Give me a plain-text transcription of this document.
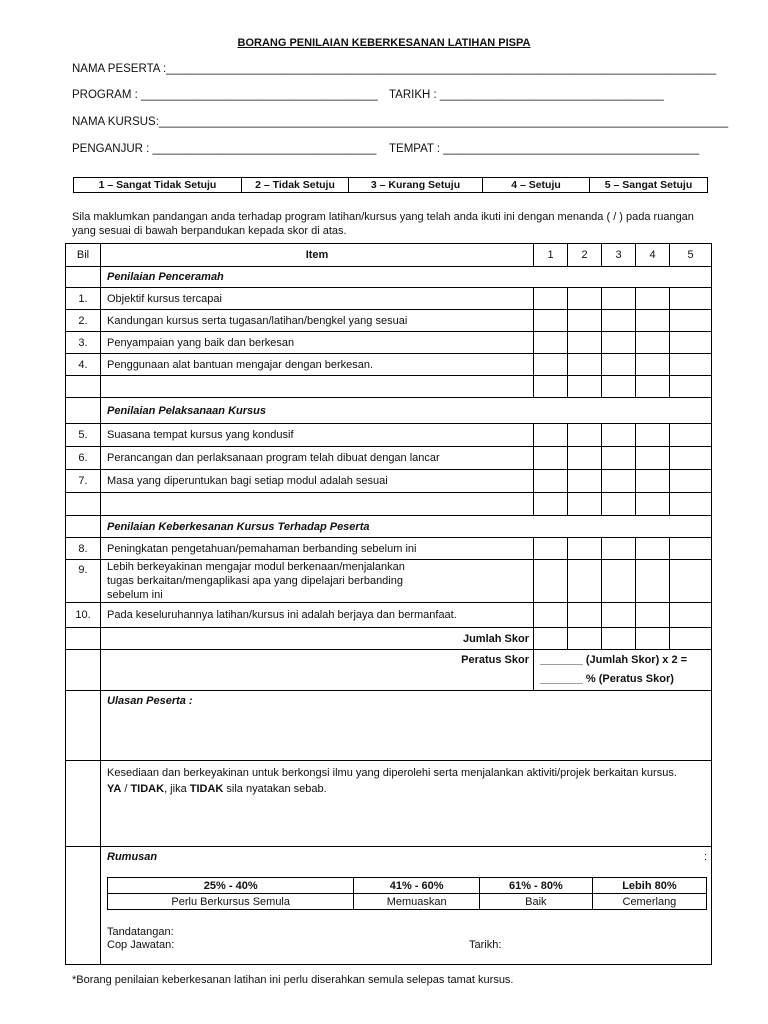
BORANG PENILAIAN KEBERKESANAN LATIHAN PISPA
NAMA PESERTA :______________________________________________________________________________________
PROGRAM : _____________________________________ TARIKH : ___________________________________
NAMA KURSUS:_________________________________________________________________________________________
PENGANJUR : ___________________________________ TEMPAT : ________________________________________
1 – Sangat Tidak Setuju	2 – Tidak Setuju	3 – Kurang Setuju	4 – Setuju	5 – Sangat Setuju
Sila maklumkan pandangan anda terhadap program latihan/kursus yang telah anda ikuti ini dengan menanda ( / ) pada ruangan yang sesuai di bawah berpandukan kepada skor di atas.
Bil	Item	1	2	3	4	5
	Penilaian Penceramah
1.	Objektif kursus tercapai					
2.	Kandungan kursus serta tugasan/latihan/bengkel yang sesuai					
3.	Penyampaian yang baik dan berkesan					
4.	Penggunaan alat bantuan mengajar dengan berkesan.					

	Penilaian Pelaksanaan Kursus
5.	Suasana tempat kursus yang kondusif					
6.	Perancangan dan perlaksanaan program telah dibuat dengan lancar					
7.	Masa yang diperuntukan bagi setiap modul adalah sesuai					

	Penilaian Keberkesanan Kursus Terhadap Peserta
8.	Peningkatan pengetahuan/pemahaman berbanding sebelum ini					
9.	Lebih berkeyakinan mengajar modul berkenaan/menjalankan tugas berkaitan/mengaplikasi apa yang dipelajari berbanding sebelum ini					
10.	Pada keseluruhannya latihan/kursus ini adalah berjaya dan bermanfaat.					
	Jumlah Skor					
	Peratus Skor	_______ (Jumlah Skor) x 2 =
_______ % (Peratus Skor)

	Ulasan Peserta :

Kesediaan dan berkeyakinan untuk berkongsi ilmu yang diperolehi serta menjalankan aktiviti/projek berkaitan kursus.
YA / TIDAK, jika TIDAK sila nyatakan sebab.

Rumusan	:
25% - 40%	41% - 60%	61% - 80%	Lebih 80%
Perlu Berkursus Semula	Memuaskan	Baik	Cemerlang
Tandatangan:
Cop Jawatan:	Tarikh:
*Borang penilaian keberkesanan latihan ini perlu diserahkan semula selepas tamat kursus.
